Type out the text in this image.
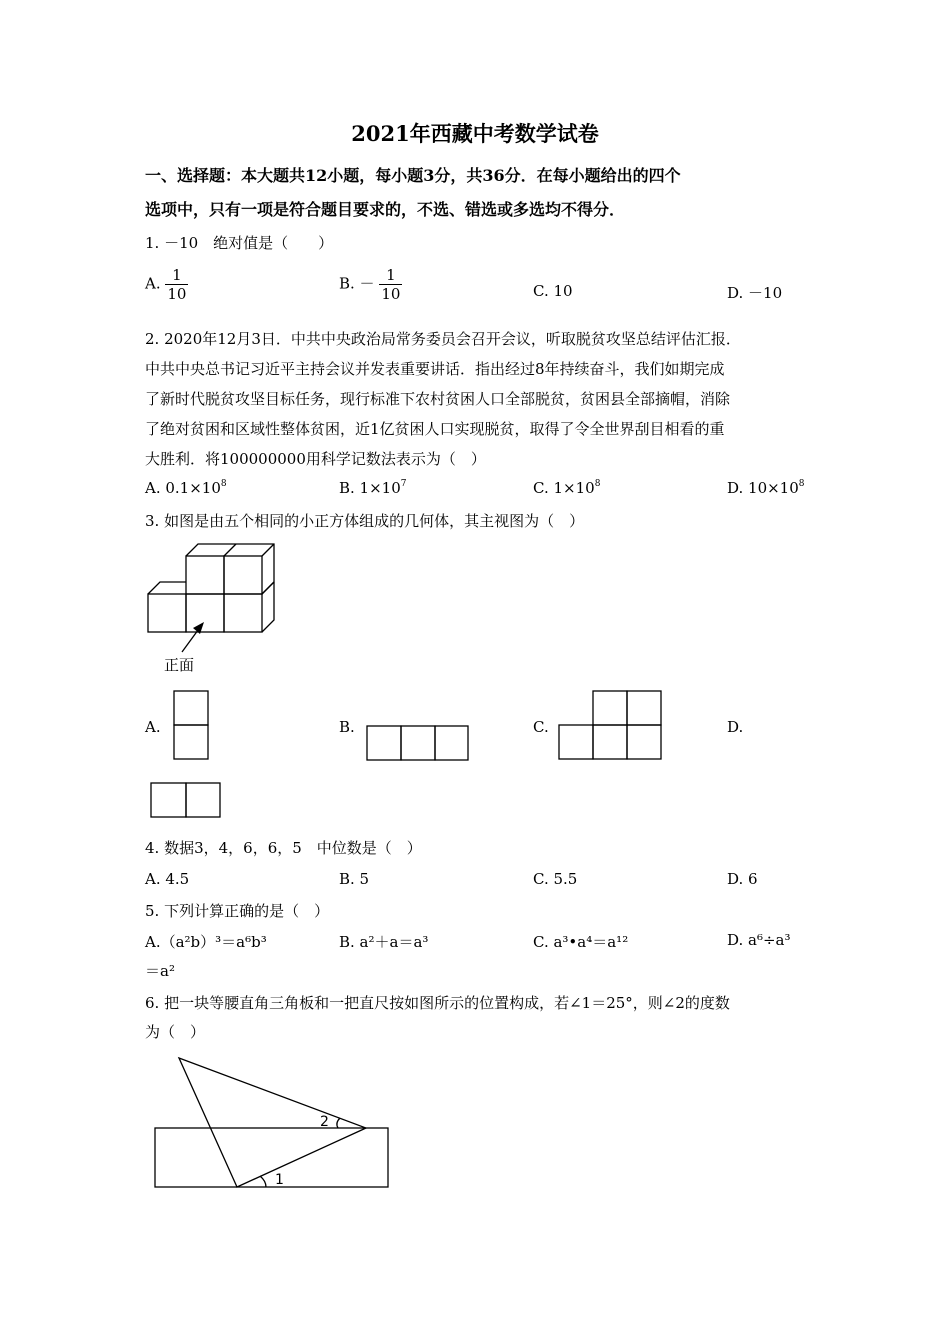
2021年西藏中考数学试卷
一、选择题：本大题共12小题，每小题3分，共36分．在每小题给出的四个
选项中，只有一项是符合题目要求的，不选、错选或多选均不得分．
1. －10　绝对值是（　　）
A. $\frac{1}{10}$	B. － $\frac{1}{10}$	C. 10	D. －10
2. 2020年12月3日．中共中央政治局常务委员会召开会议，听取脱贫攻坚总结评估汇报．
中共中央总书记习近平主持会议并发表重要讲话．指出经过8年持续奋斗，我们如期完成
了新时代脱贫攻坚目标任务，现行标准下农村贫困人口全部脱贫，贫困县全部摘帽，消除
了绝对贫困和区域性整体贫困，近1亿贫困人口实现脱贫，取得了令全世界刮目相看的重
大胜利．将100000000用科学记数法表示为（　）
A. $0.1\times 10^8$	B. $1\times 10^7$	C. $1\times 10^8$	D. $10\times 10^8$
3. 如图是由五个相同的小正方体组成的几何体，其主视图为（　）
正面
A.	B.	C.	D.
4. 数据3，4，6，6，5　中位数是（　）
A. 4.5	B. 5	C. 5.5	D. 6
5. 下列计算正确的是（　）
A.（a²b）³＝a⁶b³	B. a²＋a＝a³	C. a³•a⁴＝a¹²	D. a⁶÷a³
＝a²
6. 把一块等腰直角三角板和一把直尺按如图所示的位置构成，若∠1＝25°，则∠2的度数
为（　）
1
2
